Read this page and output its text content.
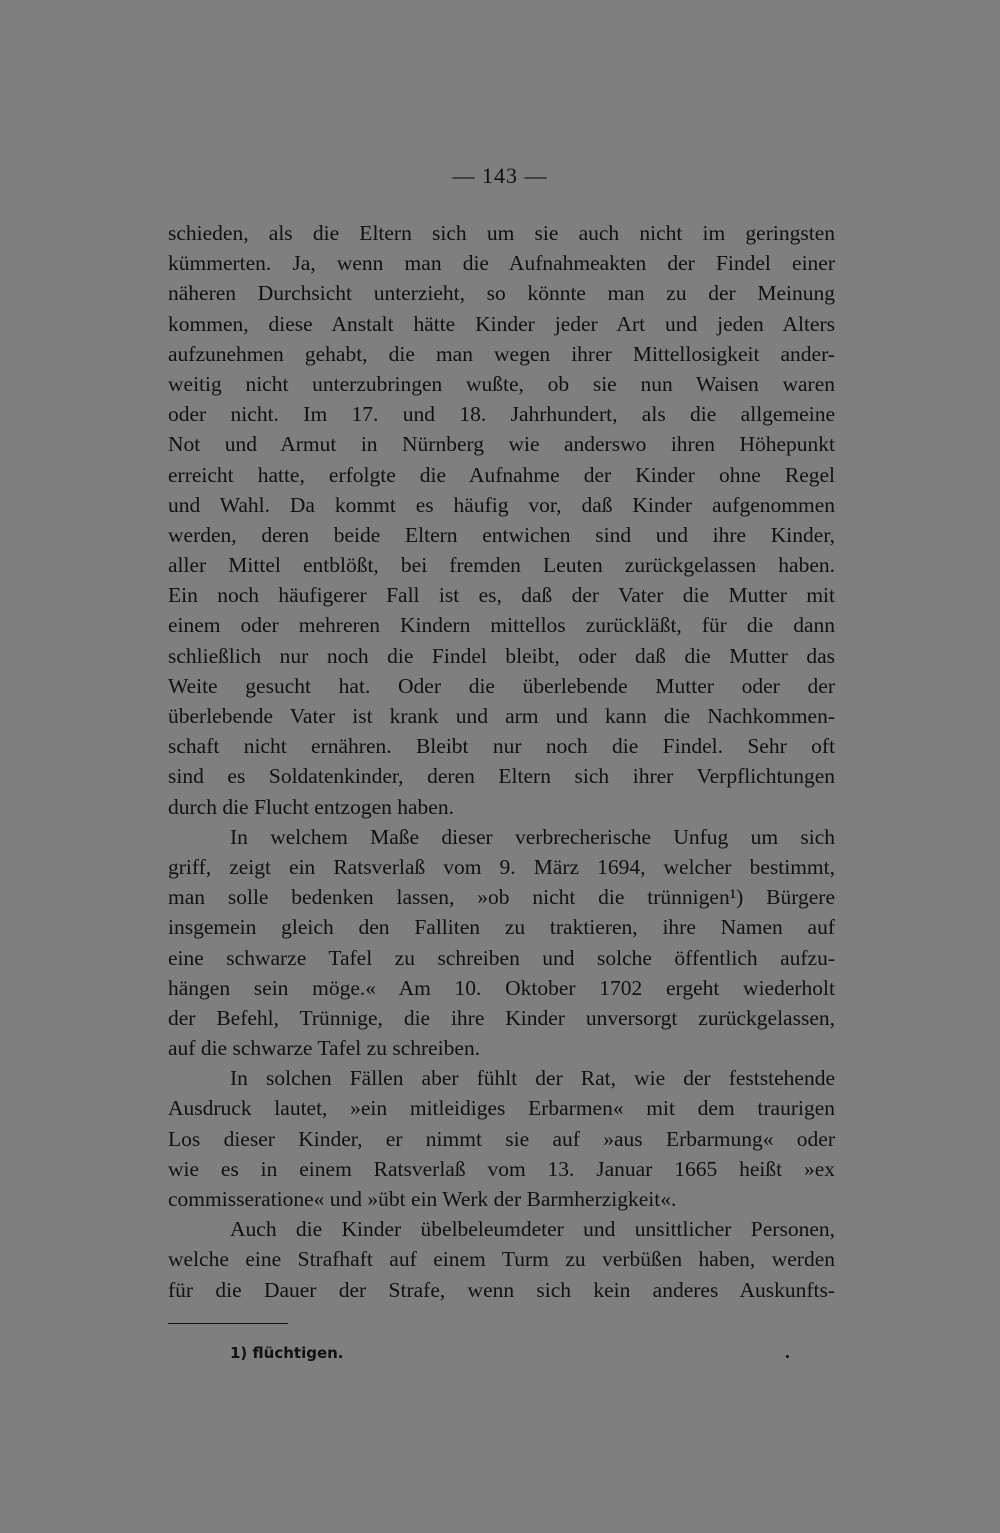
— 143 —
schieden, als die Eltern sich um sie auch nicht im geringsten
kümmerten. Ja, wenn man die Aufnahmeakten der Findel einer
näheren Durchsicht unterzieht, so könnte man zu der Meinung
kommen, diese Anstalt hätte Kinder jeder Art und jeden Alters
aufzunehmen gehabt, die man wegen ihrer Mittellosigkeit ander-
weitig nicht unterzubringen wußte, ob sie nun Waisen waren
oder nicht. Im 17. und 18. Jahrhundert, als die allgemeine
Not und Armut in Nürnberg wie anderswo ihren Höhepunkt
erreicht hatte, erfolgte die Aufnahme der Kinder ohne Regel
und Wahl. Da kommt es häufig vor, daß Kinder aufgenommen
werden, deren beide Eltern entwichen sind und ihre Kinder,
aller Mittel entblößt, bei fremden Leuten zurückgelassen haben.
Ein noch häufigerer Fall ist es, daß der Vater die Mutter mit
einem oder mehreren Kindern mittellos zurückläßt, für die dann
schließlich nur noch die Findel bleibt, oder daß die Mutter das
Weite gesucht hat. Oder die überlebende Mutter oder der
überlebende Vater ist krank und arm und kann die Nachkommen-
schaft nicht ernähren. Bleibt nur noch die Findel. Sehr oft
sind es Soldatenkinder, deren Eltern sich ihrer Verpflichtungen
durch die Flucht entzogen haben.
In welchem Maße dieser verbrecherische Unfug um sich
griff, zeigt ein Ratsverlaß vom 9. März 1694, welcher bestimmt,
man solle bedenken lassen, »ob nicht die trünnigen¹) Bürgere
insgemein gleich den Falliten zu traktieren, ihre Namen auf
eine schwarze Tafel zu schreiben und solche öffentlich aufzu-
hängen sein möge.« Am 10. Oktober 1702 ergeht wiederholt
der Befehl, Trünnige, die ihre Kinder unversorgt zurückgelassen,
auf die schwarze Tafel zu schreiben.
In solchen Fällen aber fühlt der Rat, wie der feststehende
Ausdruck lautet, »ein mitleidiges Erbarmen« mit dem traurigen
Los dieser Kinder, er nimmt sie auf »aus Erbarmung« oder
wie es in einem Ratsverlaß vom 13. Januar 1665 heißt »ex
commisseratione« und »übt ein Werk der Barmherzigkeit«.
Auch die Kinder übelbeleumdeter und unsittlicher Personen,
welche eine Strafhaft auf einem Turm zu verbüßen haben, werden
für die Dauer der Strafe, wenn sich kein anderes Auskunfts-
1) flüchtigen.
